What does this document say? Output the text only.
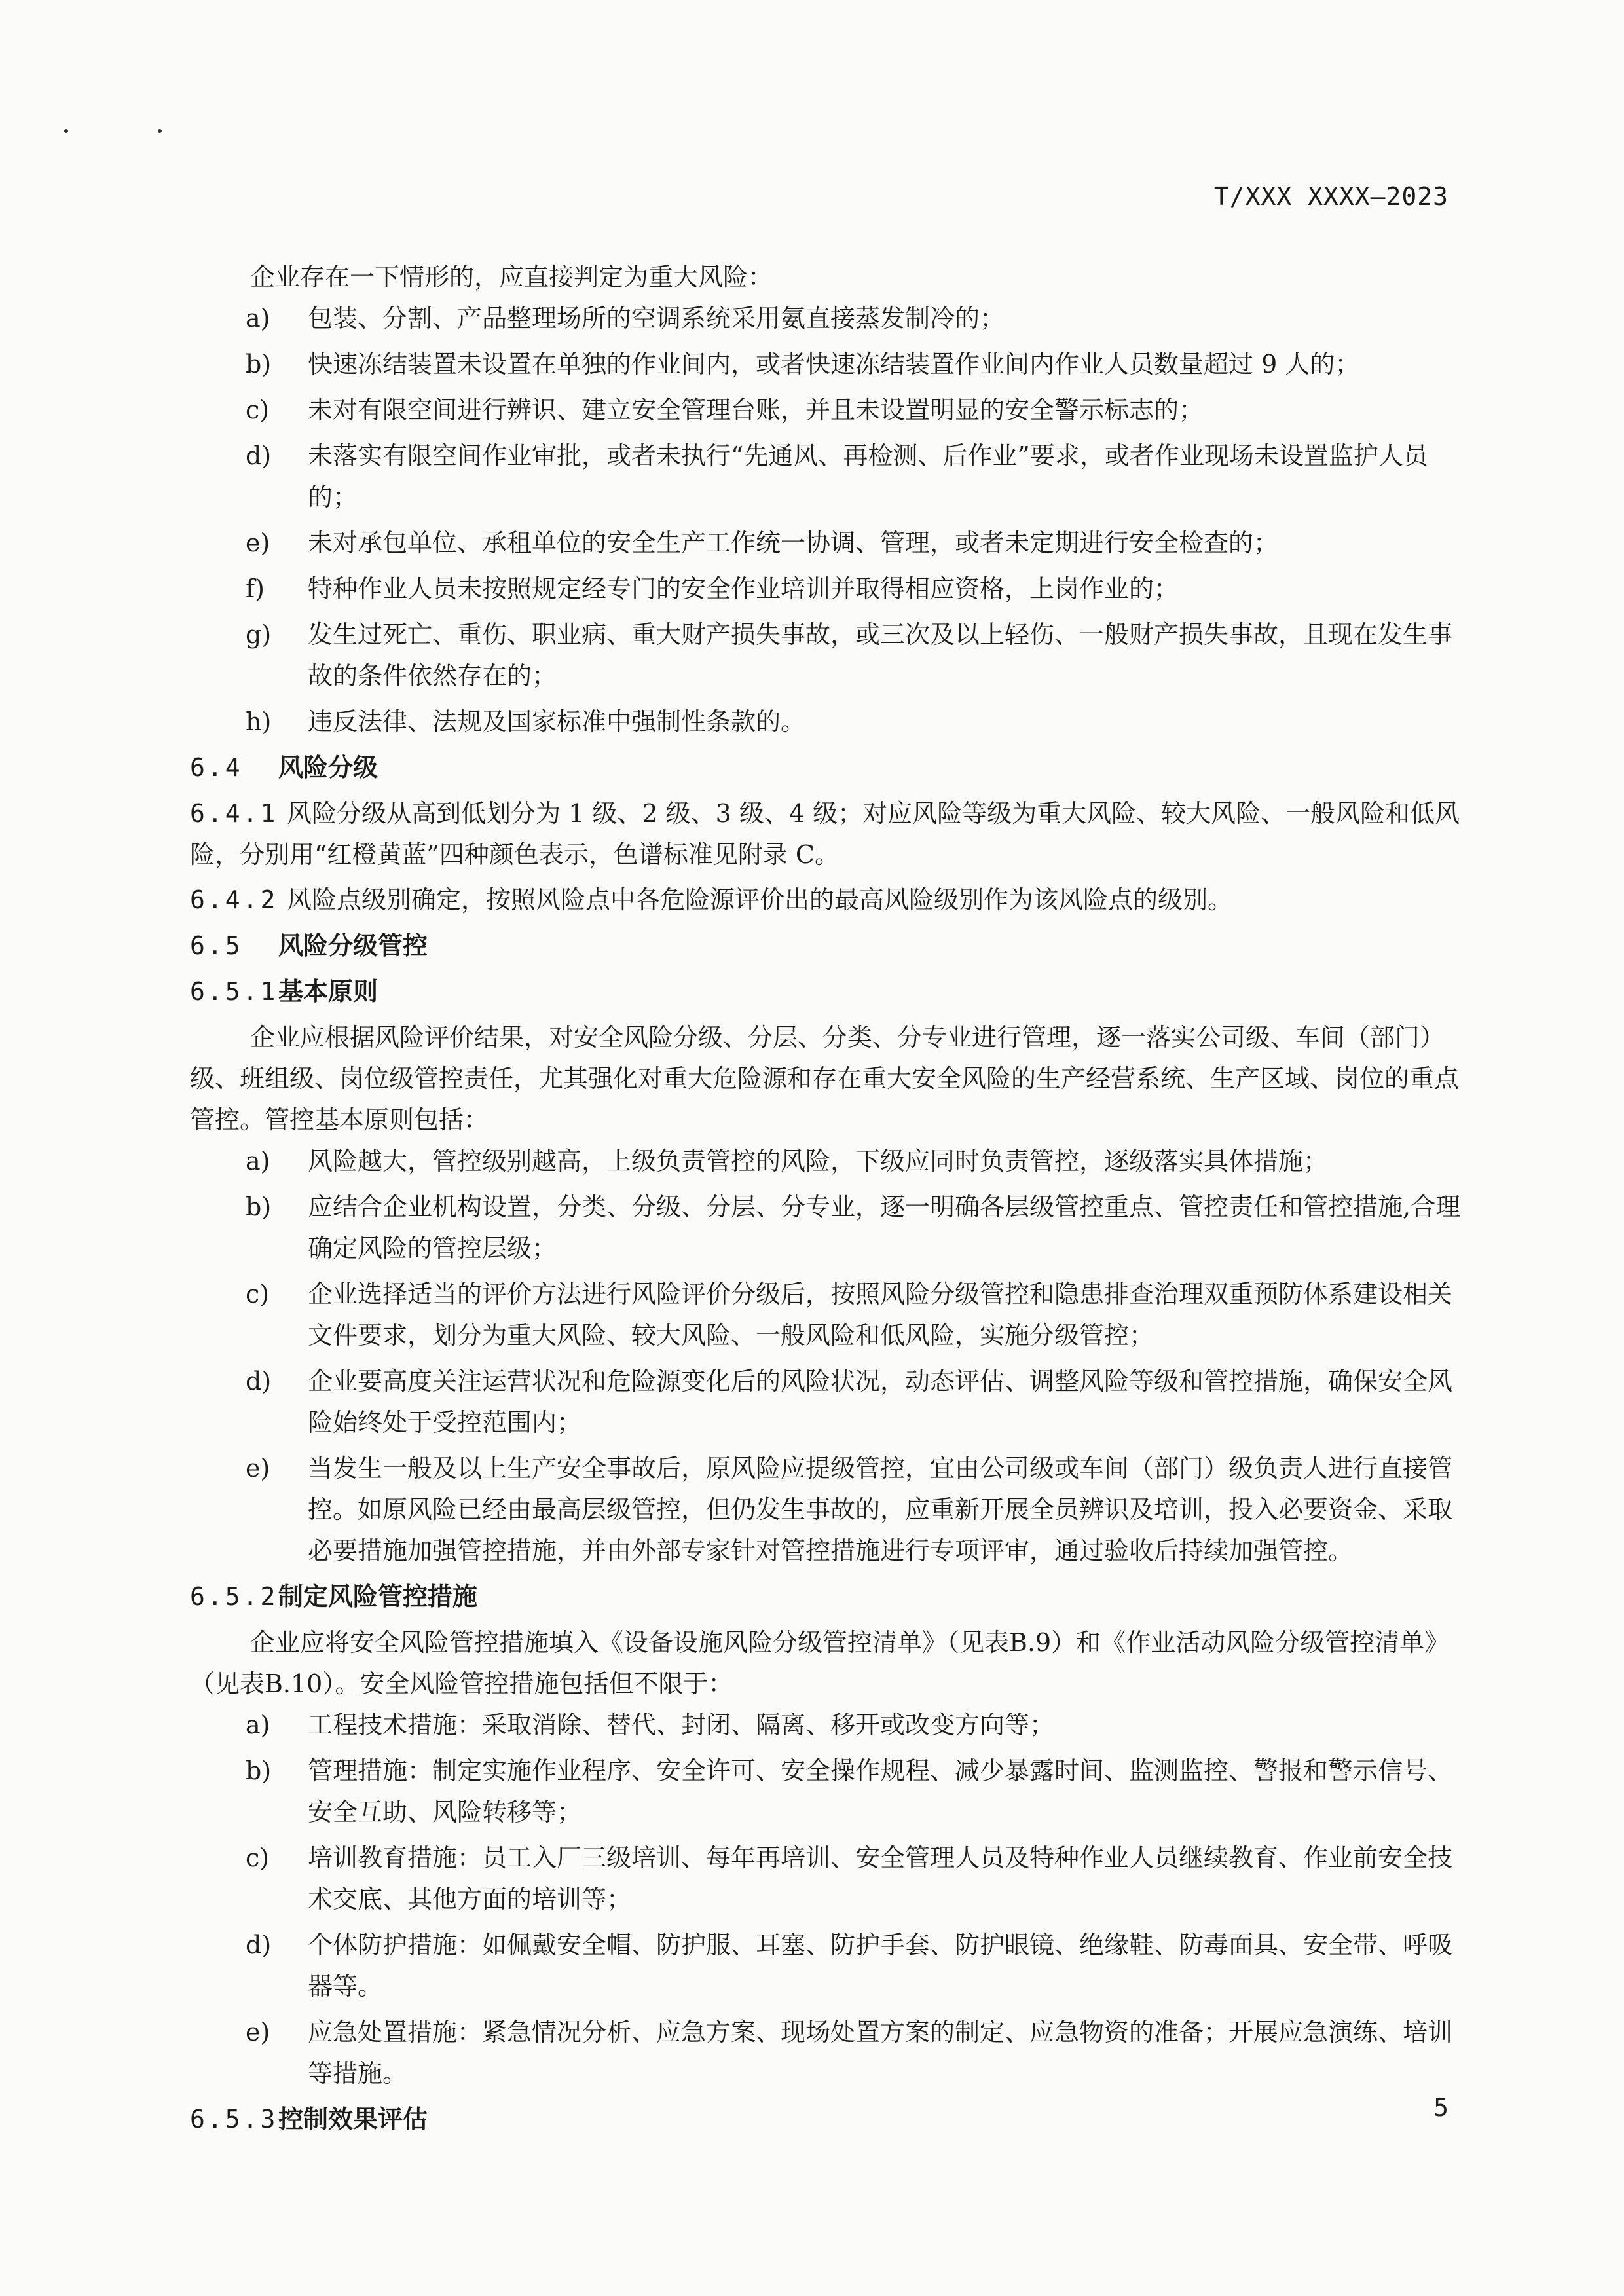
T/XXX XXXX—2023

企业存在一下情形的，应直接判定为重大风险：

a)	包装、分割、产品整理场所的空调系统采用氨直接蒸发制冷的；
b)	快速冻结装置未设置在单独的作业间内，或者快速冻结装置作业间内作业人员数量超过 9 人的；
c)	未对有限空间进行辨识、建立安全管理台账，并且未设置明显的安全警示标志的；
d)	未落实有限空间作业审批，或者未执行“先通风、再检测、后作业”要求，或者作业现场未设置监护人员的；
e)	未对承包单位、承租单位的安全生产工作统一协调、管理，或者未定期进行安全检查的；
f)	特种作业人员未按照规定经专门的安全作业培训并取得相应资格，上岗作业的；
g)	发生过死亡、重伤、职业病、重大财产损失事故，或三次及以上轻伤、一般财产损失事故，且现在发生事故的条件依然存在的；
h)	违反法律、法规及国家标准中强制性条款的。
6.4 风险分级
6.4.1 风险分级从高到低划分为 1 级、2 级、3 级、4 级；对应风险等级为重大风险、较大风险、一般风险和低风险，分别用“红橙黄蓝”四种颜色表示，色谱标准见附录 C。
6.4.2 风险点级别确定，按照风险点中各危险源评价出的最高风险级别作为该风险点的级别。
6.5 风险分级管控
6.5.1基本原则

企业应根据风险评价结果，对安全风险分级、分层、分类、分专业进行管理，逐一落实公司级、车间（部门）级、班组级、岗位级管控责任，尤其强化对重大危险源和存在重大安全风险的生产经营系统、生产区域、岗位的重点管控。管控基本原则包括：

a)	风险越大，管控级别越高，上级负责管控的风险，下级应同时负责管控，逐级落实具体措施；
b)	应结合企业机构设置，分类、分级、分层、分专业，逐一明确各层级管控重点、管控责任和管控措施,合理确定风险的管控层级；
c)	企业选择适当的评价方法进行风险评价分级后，按照风险分级管控和隐患排查治理双重预防体系建设相关文件要求，划分为重大风险、较大风险、一般风险和低风险，实施分级管控；
d)	企业要高度关注运营状况和危险源变化后的风险状况，动态评估、调整风险等级和管控措施，确保安全风险始终处于受控范围内；
e)	当发生一般及以上生产安全事故后，原风险应提级管控，宜由公司级或车间（部门）级负责人进行直接管控。如原风险已经由最高层级管控，但仍发生事故的，应重新开展全员辨识及培训，投入必要资金、采取必要措施加强管控措施，并由外部专家针对管控措施进行专项评审，通过验收后持续加强管控。
6.5.2制定风险管控措施

企业应将安全风险管控措施填入《设备设施风险分级管控清单》（见表B.9）和《作业活动风险分级管控清单》（见表B.10）。安全风险管控措施包括但不限于：

a)	工程技术措施：采取消除、替代、封闭、隔离、移开或改变方向等；
b)	管理措施：制定实施作业程序、安全许可、安全操作规程、减少暴露时间、监测监控、警报和警示信号、安全互助、风险转移等；
c)	培训教育措施：员工入厂三级培训、每年再培训、安全管理人员及特种作业人员继续教育、作业前安全技术交底、其他方面的培训等；
d)	个体防护措施：如佩戴安全帽、防护服、耳塞、防护手套、防护眼镜、绝缘鞋、防毒面具、安全带、呼吸器等。
e)	应急处置措施：紧急情况分析、应急方案、现场处置方案的制定、应急物资的准备；开展应急演练、培训等措施。
6.5.3控制效果评估	5
